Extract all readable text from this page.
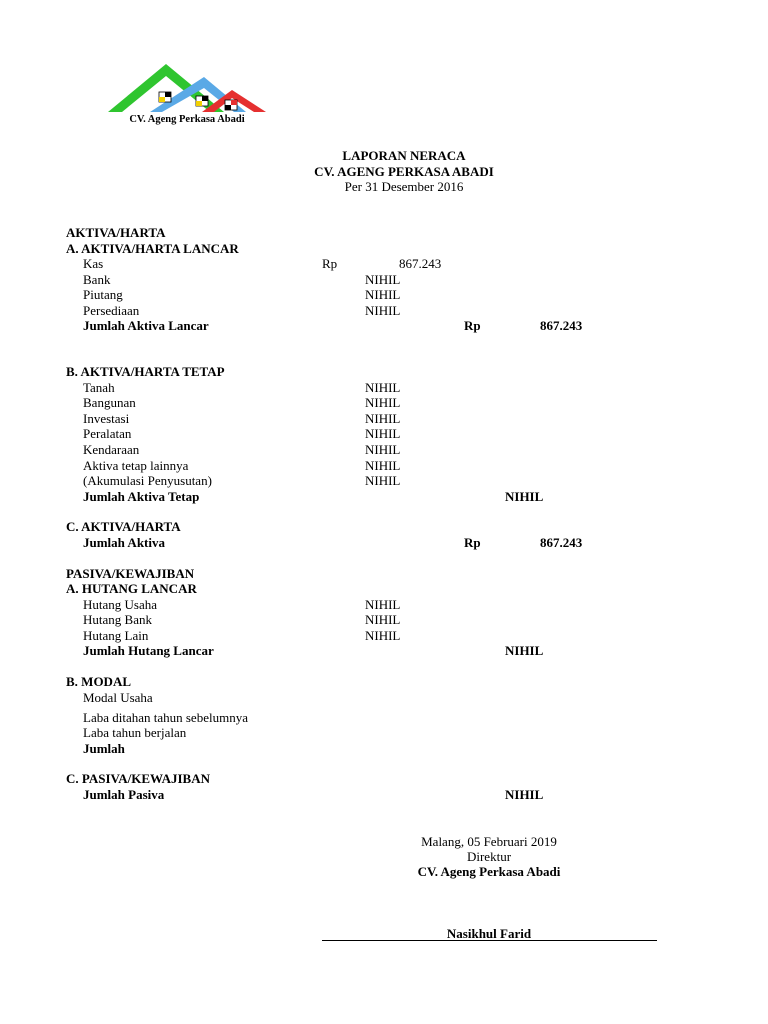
CV. Ageng Perkasa Abadi
LAPORAN NERACA
CV. AGENG PERKASA ABADI
Per 31 Desember 2016
AKTIVA/HARTA
A. AKTIVA/HARTA LANCAR
Kas	Rp	867.243
Bank	NIHIL
Piutang	NIHIL
Persediaan	NIHIL
Jumlah Aktiva Lancar	Rp	867.243
B. AKTIVA/HARTA TETAP
Tanah	NIHIL
Bangunan	NIHIL
Investasi	NIHIL
Peralatan	NIHIL
Kendaraan	NIHIL
Aktiva tetap lainnya	NIHIL
(Akumulasi Penyusutan)	NIHIL
Jumlah Aktiva Tetap	NIHIL
C. AKTIVA/HARTA
Jumlah Aktiva	Rp	867.243
PASIVA/KEWAJIBAN
A. HUTANG LANCAR
Hutang Usaha	NIHIL
Hutang Bank	NIHIL
Hutang Lain	NIHIL
Jumlah Hutang Lancar	NIHIL
B. MODAL
Modal Usaha
Laba ditahan tahun sebelumnya
Laba tahun berjalan
Jumlah
C. PASIVA/KEWAJIBAN
Jumlah Pasiva	NIHIL
Malang, 05 Februari 2019
Direktur
CV. Ageng Perkasa Abadi
Nasikhul Farid
